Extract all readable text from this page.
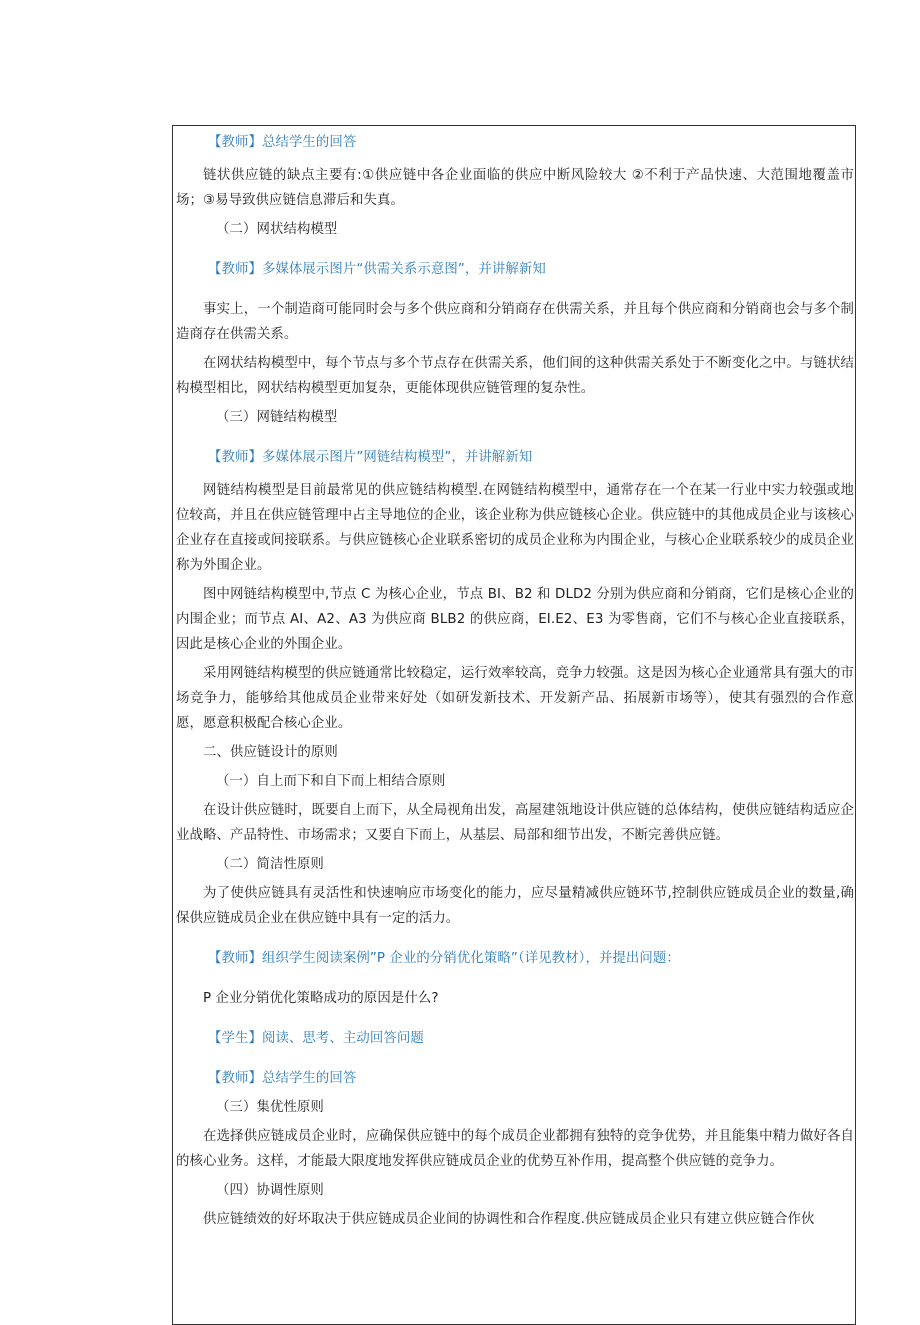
【教师】总结学生的回答

链状供应链的缺点主要有:①供应链中各企业面临的供应中断风险较大 ②不利于产品快速、大范围地覆盖市场；③易导致供应链信息滞后和失真。

（二）网状结构模型

【教师】多媒体展示图片“供需关系示意图”，并讲解新知

事实上，一个制造商可能同时会与多个供应商和分销商存在供需关系，并且每个供应商和分销商也会与多个制造商存在供需关系。

在网状结构模型中，每个节点与多个节点存在供需关系，他们间的这种供需关系处于不断变化之中。与链状结构模型相比，网状结构模型更加复杂，更能体现供应链管理的复杂性。

（三）网链结构模型

【教师】多媒体展示图片”网链结构模型”，并讲解新知

网链结构模型是目前最常见的供应链结构模型.在网链结构模型中，通常存在一个在某一行业中实力较强或地位较高，并且在供应链管理中占主导地位的企业，该企业称为供应链核心企业。供应链中的其他成员企业与该核心企业存在直接或间接联系。与供应链核心企业联系密切的成员企业称为内围企业，与核心企业联系较少的成员企业称为外围企业。

图中网链结构模型中,节点 C 为核心企业，节点 BI、B2 和 DLD2 分别为供应商和分销商，它们是核心企业的内围企业；而节点 AI、A2、A3 为供应商 BLB2 的供应商，EI.E2、E3 为零售商，它们不与核心企业直接联系，因此是核心企业的外围企业。

采用网链结构模型的供应链通常比较稳定，运行效率较高，竞争力较强。这是因为核心企业通常具有强大的市场竞争力，能够给其他成员企业带来好处（如研发新技术、开发新产品、拓展新市场等），使其有强烈的合作意愿，愿意积极配合核心企业。

二、供应链设计的原则

（一）自上而下和自下而上相结合原则

在设计供应链时，既要自上而下，从全局视角出发，高屋建瓴地设计供应链的总体结构，使供应链结构适应企业战略、产品特性、市场需求；又要自下而上，从基层、局部和细节出发，不断完善供应链。

（二）简洁性原则

为了使供应链具有灵活性和快速响应市场变化的能力，应尽量精减供应链环节,控制供应链成员企业的数量,确保供应链成员企业在供应链中具有一定的活力。

【教师】组织学生阅读案例”P 企业的分销优化策略”（详见教材），并提出问题：

P 企业分销优化策略成功的原因是什么?

【学生】阅读、思考、主动回答问题

【教师】总结学生的回答

（三）集优性原则

在选择供应链成员企业时，应确保供应链中的每个成员企业都拥有独特的竞争优势，并且能集中精力做好各自的核心业务。这样，才能最大限度地发挥供应链成员企业的优势互补作用，提高整个供应链的竞争力。

（四）协调性原则

供应链绩效的好坏取决于供应链成员企业间的协调性和合作程度.供应链成员企业只有建立供应链合作伙
